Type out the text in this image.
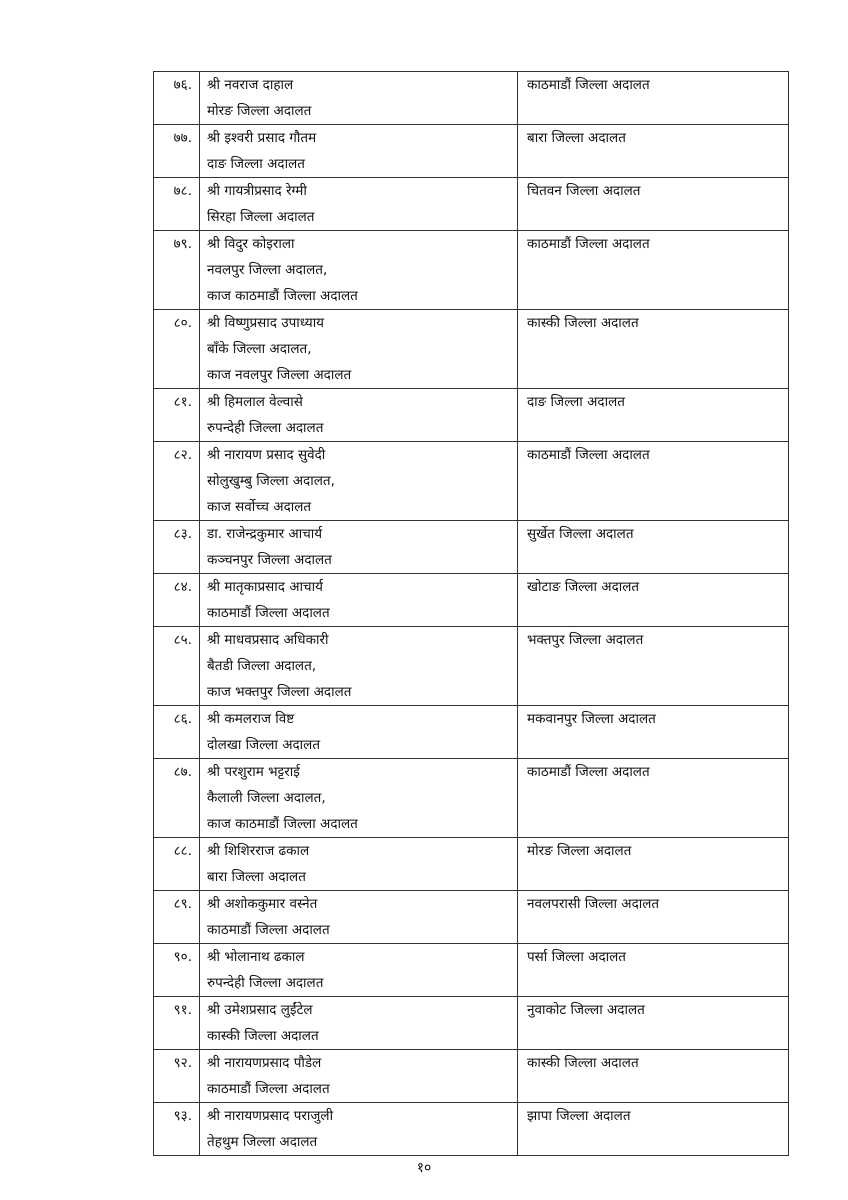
७६.	श्री नवराज दाहाल
मोरङ जिल्ला अदालत	काठमाडौं जिल्ला अदालत

७७.	श्री इश्वरी प्रसाद गौतम
दाङ जिल्ला अदालत	बारा जिल्ला अदालत

७८.	श्री गायत्रीप्रसाद रेग्मी
सिरहा जिल्ला अदालत	चितवन जिल्ला अदालत

७९.	श्री विदुर कोइराला
नवलपुर जिल्ला अदालत,
काज काठमाडौं जिल्ला अदालत	काठमाडौं जिल्ला अदालत

८०.	श्री विष्णुप्रसाद उपाध्याय
बाँके जिल्ला अदालत,
काज नवलपुर जिल्ला अदालत	कास्की जिल्ला अदालत

८१.	श्री हिमलाल वेल्वासे
रुपन्देही जिल्ला अदालत	दाङ जिल्ला अदालत

८२.	श्री नारायण प्रसाद सुवेदी
सोलुखुम्बु जिल्ला अदालत,
काज सर्वोच्च अदालत	काठमाडौं जिल्ला अदालत

८३.	डा. राजेन्द्रकुमार आचार्य
कञ्चनपुर जिल्ला अदालत	सुर्खेत जिल्ला अदालत

८४.	श्री मातृकाप्रसाद आचार्य
काठमाडौं जिल्ला अदालत	खोटाङ जिल्ला अदालत

८५.	श्री माधवप्रसाद अधिकारी
बैतडी जिल्ला अदालत,
काज भक्तपुर जिल्ला अदालत	भक्तपुर जिल्ला अदालत

८६.	श्री कमलराज विष्ट
दोलखा जिल्ला अदालत	मकवानपुर जिल्ला अदालत

८७.	श्री परशुराम भट्टराई
कैलाली जिल्ला अदालत,
काज काठमाडौं जिल्ला अदालत	काठमाडौं जिल्ला अदालत

८८.	श्री शिशिरराज ढकाल
बारा जिल्ला अदालत	मोरङ जिल्ला अदालत

८९.	श्री अशोककुमार वस्नेत
काठमाडौं जिल्ला अदालत	नवलपरासी जिल्ला अदालत

९०.	श्री भोलानाथ ढकाल
रुपन्देही जिल्ला अदालत	पर्सा जिल्ला अदालत

९१.	श्री उमेशप्रसाद लुईंटेल
कास्की जिल्ला अदालत	नुवाकोट जिल्ला अदालत

९२.	श्री नारायणप्रसाद पौडेल
काठमाडौं जिल्ला अदालत	कास्की जिल्ला अदालत

९३.	श्री नारायणप्रसाद पराजुली
तेहथुम जिल्ला अदालत	झापा जिल्ला अदालत
१०
